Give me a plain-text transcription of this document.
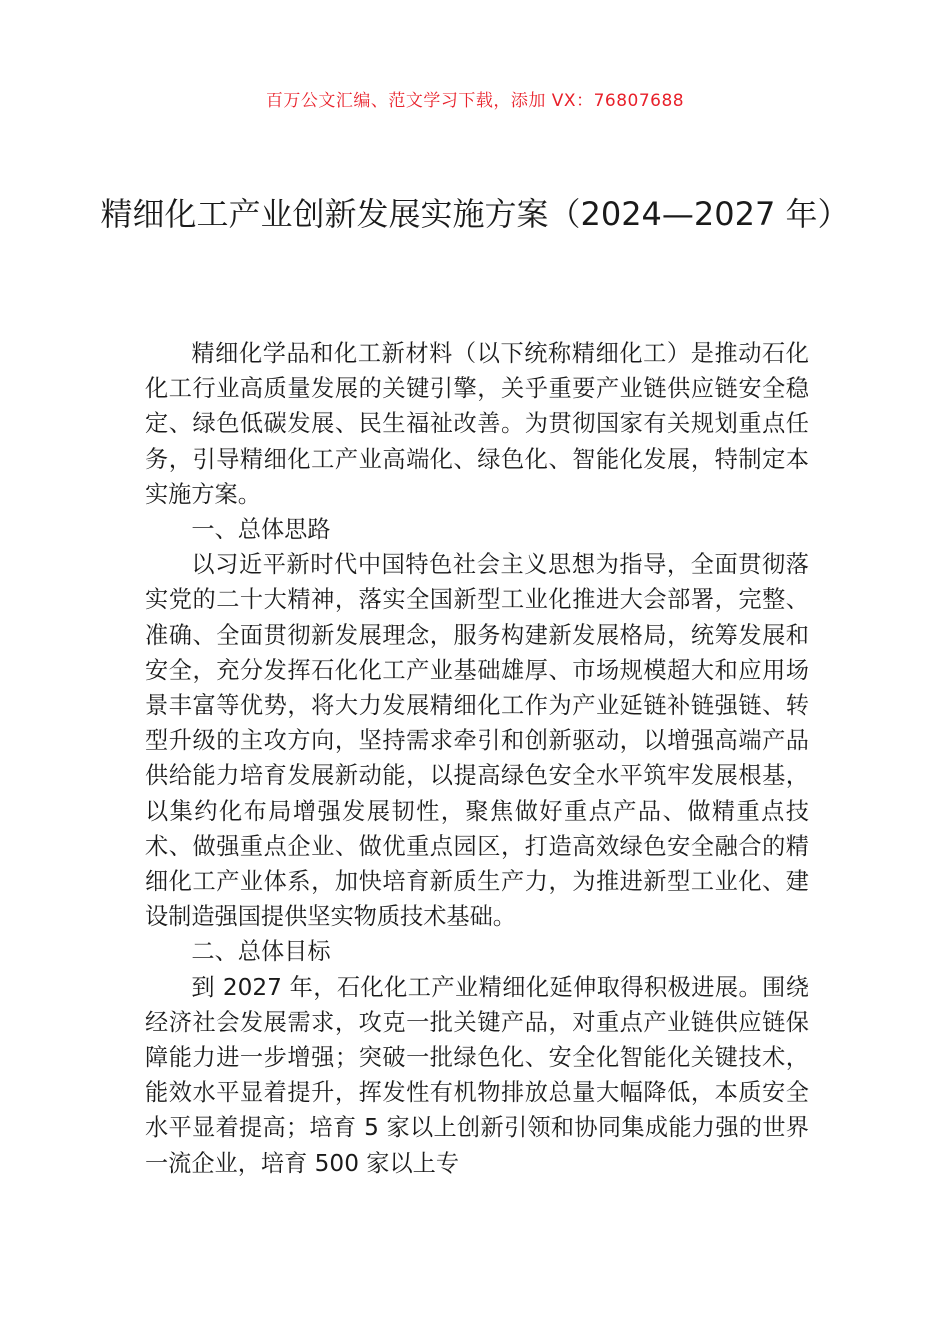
百万公文汇编、范文学习下载，添加 VX：76807688
精细化工产业创新发展实施方案（2024—2027 年）

精细化学品和化工新材料（以下统称精细化工）是推动石化化工行业高质量发展的关键引擎，关乎重要产业链供应链安全稳定、绿色低碳发展、民生福祉改善。为贯彻国家有关规划重点任务，引导精细化工产业高端化、绿色化、智能化发展，特制定本实施方案。

一、总体思路

以习近平新时代中国特色社会主义思想为指导，全面贯彻落实党的二十大精神，落实全国新型工业化推进大会部署，完整、准确、全面贯彻新发展理念，服务构建新发展格局，统筹发展和安全，充分发挥石化化工产业基础雄厚、市场规模超大和应用场景丰富等优势，将大力发展精细化工作为产业延链补链强链、转型升级的主攻方向，坚持需求牵引和创新驱动，以增强高端产品供给能力培育发展新动能，以提高绿色安全水平筑牢发展根基，以集约化布局增强发展韧性，聚焦做好重点产品、做精重点技术、做强重点企业、做优重点园区，打造高效绿色安全融合的精细化工产业体系，加快培育新质生产力，为推进新型工业化、建设制造强国提供坚实物质技术基础。

二、总体目标

到 2027 年，石化化工产业精细化延伸取得积极进展。围绕经济社会发展需求，攻克一批关键产品，对重点产业链供应链保障能力进一步增强；突破一批绿色化、安全化智能化关键技术，能效水平显着提升，挥发性有机物排放总量大幅降低，本质安全水平显着提高；培育 5 家以上创新引领和协同集成能力强的世界一流企业，培育 500 家以上专
